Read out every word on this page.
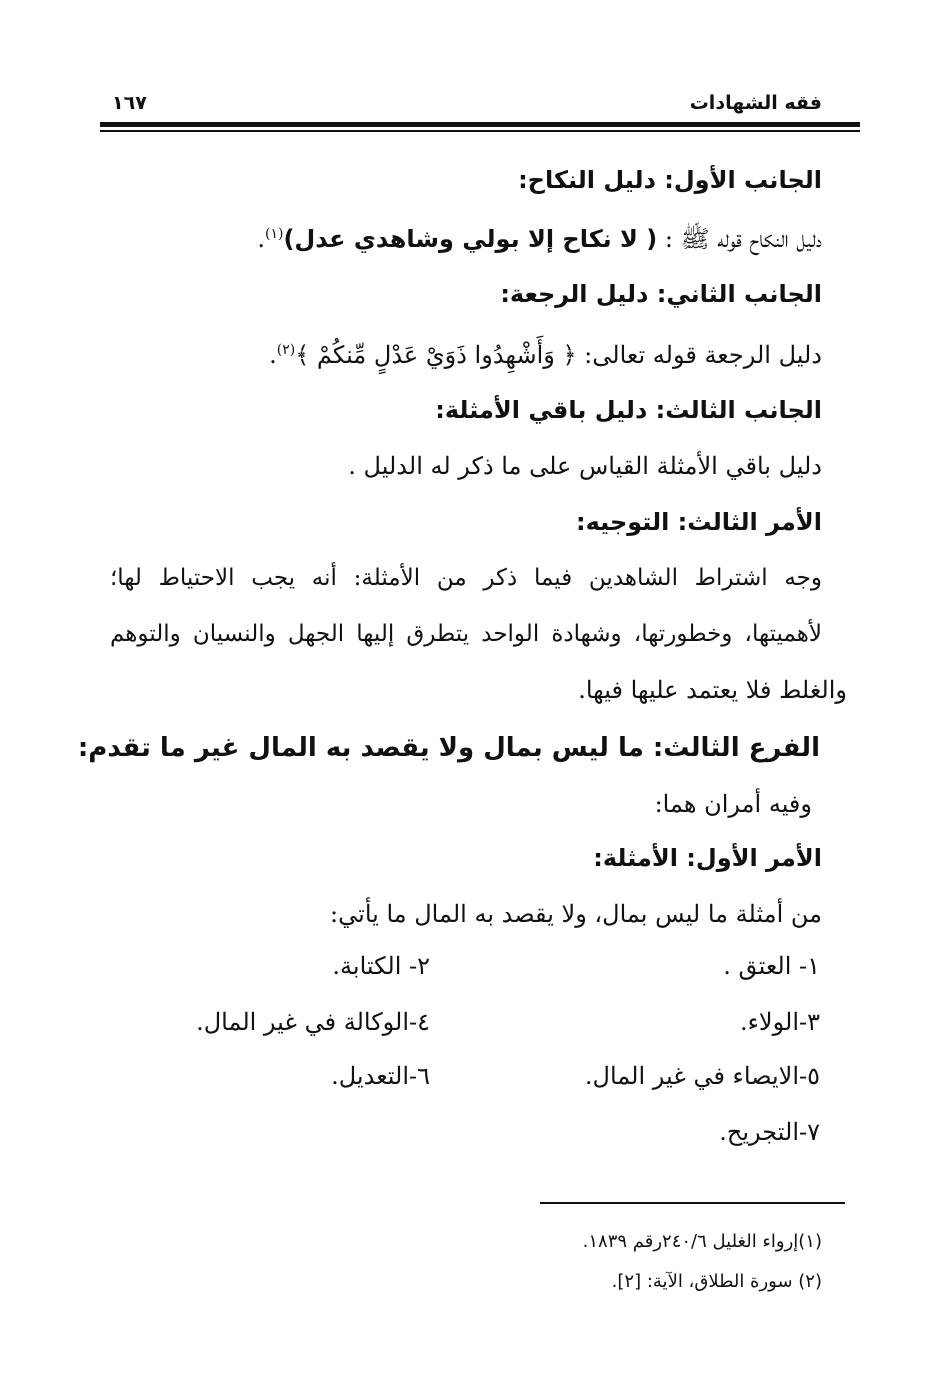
فقه الشهادات
١٦٧
الجانب الأول: دليل النكاح:
دليل النكاح قوله ﷺ : ( لا نكاح إلا بولي وشاهدي عدل)$^{(١)}$.
الجانب الثاني: دليل الرجعة:
دليل الرجعة قوله تعالى: ﴿ وَأَشْهِدُوا ذَوَيْ عَدْلٍ مِّنكُمْ ﴾$^{(٢)}$.
الجانب الثالث: دليل باقي الأمثلة:
دليل باقي الأمثلة القياس على ما ذكر له الدليل .
الأمر الثالث: التوجيه:
وجه اشتراط الشاهدين فيما ذكر من الأمثلة: أنه يجب الاحتياط لها؛
لأهميتها، وخطورتها، وشهادة الواحد يتطرق إليها الجهل والنسيان والتوهم
والغلط فلا يعتمد عليها فيها.
الفرع الثالث: ما ليس بمال ولا يقصد به المال غير ما تقدم:
وفيه أمران هما:
الأمر الأول: الأمثلة:
من أمثلة ما ليس بمال، ولا يقصد به المال ما يأتي:
١- العتق .
٢- الكتابة.
٣-الولاء.
٤-الوكالة في غير المال.
٥-الايصاء في غير المال.
٦-التعديل.
٧-التجريح.
(١)إرواء الغليل ٢٤٠/٦رقم ١٨٣٩.
(٢) سورة الطلاق، الآية: [٢].
